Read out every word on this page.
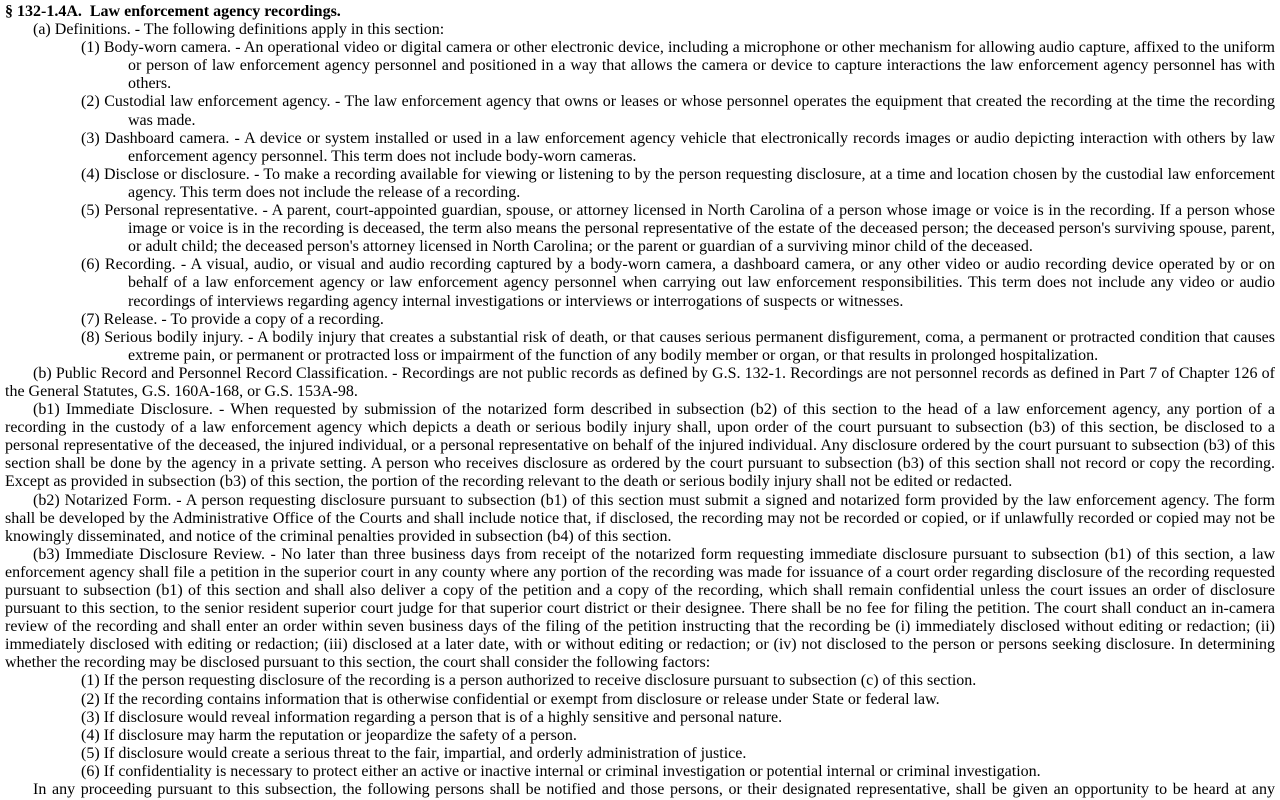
§ 132-1.4A.  Law enforcement agency recordings.

(a) Definitions. - The following definitions apply in this section:

(1) Body-worn camera. - An operational video or digital camera or other electronic device, including a microphone or other mechanism for allowing audio capture, affixed to the uniform or person of law enforcement agency personnel and positioned in a way that allows the camera or device to capture interactions the law enforcement agency personnel has with others.
(2) Custodial law enforcement agency. - The law enforcement agency that owns or leases or whose personnel operates the equipment that created the recording at the time the recording was made.
(3) Dashboard camera. - A device or system installed or used in a law enforcement agency vehicle that electronically records images or audio depicting interaction with others by law enforcement agency personnel. This term does not include body-worn cameras.
(4) Disclose or disclosure. - To make a recording available for viewing or listening to by the person requesting disclosure, at a time and location chosen by the custodial law enforcement agency. This term does not include the release of a recording.
(5) Personal representative. - A parent, court-appointed guardian, spouse, or attorney licensed in North Carolina of a person whose image or voice is in the recording. If a person whose image or voice is in the recording is deceased, the term also means the personal representative of the estate of the deceased person; the deceased person's surviving spouse, parent, or adult child; the deceased person's attorney licensed in North Carolina; or the parent or guardian of a surviving minor child of the deceased.
(6) Recording. - A visual, audio, or visual and audio recording captured by a body-worn camera, a dashboard camera, or any other video or audio recording device operated by or on behalf of a law enforcement agency or law enforcement agency personnel when carrying out law enforcement responsibilities. This term does not include any video or audio recordings of interviews regarding agency internal investigations or interviews or interrogations of suspects or witnesses.
(7) Release. - To provide a copy of a recording.
(8) Serious bodily injury. - A bodily injury that creates a substantial risk of death, or that causes serious permanent disfigurement, coma, a permanent or protracted condition that causes extreme pain, or permanent or protracted loss or impairment of the function of any bodily member or organ, or that results in prolonged hospitalization.

(b) Public Record and Personnel Record Classification. - Recordings are not public records as defined by G.S. 132-1. Recordings are not personnel records as defined in Part 7 of Chapter 126 of the General Statutes, G.S. 160A-168, or G.S. 153A-98.

(b1) Immediate Disclosure. - When requested by submission of the notarized form described in subsection (b2) of this section to the head of a law enforcement agency, any portion of a recording in the custody of a law enforcement agency which depicts a death or serious bodily injury shall, upon order of the court pursuant to subsection (b3) of this section, be disclosed to a personal representative of the deceased, the injured individual, or a personal representative on behalf of the injured individual. Any disclosure ordered by the court pursuant to subsection (b3) of this section shall be done by the agency in a private setting. A person who receives disclosure as ordered by the court pursuant to subsection (b3) of this section shall not record or copy the recording. Except as provided in subsection (b3) of this section, the portion of the recording relevant to the death or serious bodily injury shall not be edited or redacted.

(b2) Notarized Form. - A person requesting disclosure pursuant to subsection (b1) of this section must submit a signed and notarized form provided by the law enforcement agency. The form shall be developed by the Administrative Office of the Courts and shall include notice that, if disclosed, the recording may not be recorded or copied, or if unlawfully recorded or copied may not be knowingly disseminated, and notice of the criminal penalties provided in subsection (b4) of this section.

(b3) Immediate Disclosure Review. - No later than three business days from receipt of the notarized form requesting immediate disclosure pursuant to subsection (b1) of this section, a law enforcement agency shall file a petition in the superior court in any county where any portion of the recording was made for issuance of a court order regarding disclosure of the recording requested pursuant to subsection (b1) of this section and shall also deliver a copy of the petition and a copy of the recording, which shall remain confidential unless the court issues an order of disclosure pursuant to this section, to the senior resident superior court judge for that superior court district or their designee. There shall be no fee for filing the petition. The court shall conduct an in-camera review of the recording and shall enter an order within seven business days of the filing of the petition instructing that the recording be (i) immediately disclosed without editing or redaction; (ii) immediately disclosed with editing or redaction; (iii) disclosed at a later date, with or without editing or redaction; or (iv) not disclosed to the person or persons seeking disclosure. In determining whether the recording may be disclosed pursuant to this section, the court shall consider the following factors:

(1) If the person requesting disclosure of the recording is a person authorized to receive disclosure pursuant to subsection (c) of this section.
(2) If the recording contains information that is otherwise confidential or exempt from disclosure or release under State or federal law.
(3) If disclosure would reveal information regarding a person that is of a highly sensitive and personal nature.
(4) If disclosure may harm the reputation or jeopardize the safety of a person.
(5) If disclosure would create a serious threat to the fair, impartial, and orderly administration of justice.
(6) If confidentiality is necessary to protect either an active or inactive internal or criminal investigation or potential internal or criminal investigation.

In any proceeding pursuant to this subsection, the following persons shall be notified and those persons, or their designated representative, shall be given an opportunity to be heard at any
